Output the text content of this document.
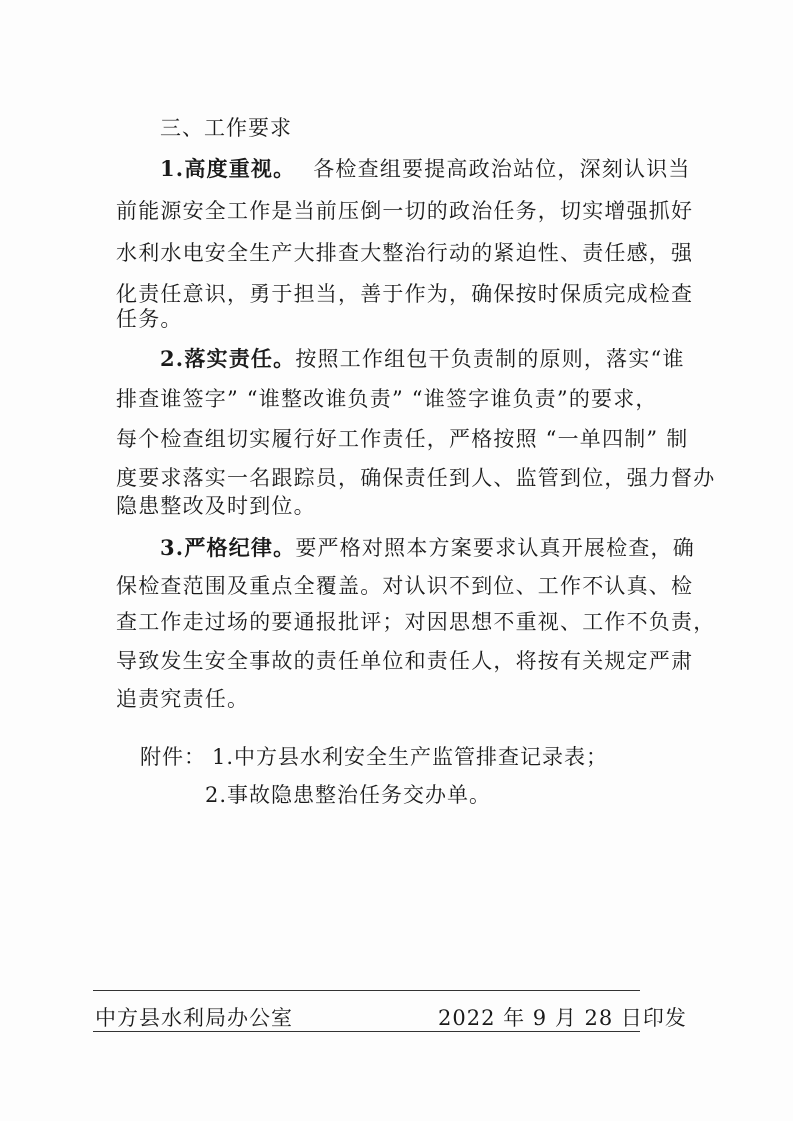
三、工作要求
1.高度重视。 各检查组要提高政治站位，深刻认识当
前能源安全工作是当前压倒一切的政治任务，切实增强抓好
水利水电安全生产大排查大整治行动的紧迫性、责任感，强
化责任意识，勇于担当，善于作为，确保按时保质完成检查
任务。
2.落实责任。按照工作组包干负责制的原则，落实“谁
排查谁签字” “谁整改谁负责” “谁签字谁负责”的要求，
每个检查组切实履行好工作责任，严格按照 “一单四制” 制
度要求落实一名跟踪员，确保责任到人、监管到位，强力督办
隐患整改及时到位。
3.严格纪律。要严格对照本方案要求认真开展检查，确
保检查范围及重点全覆盖。对认识不到位、工作不认真、检
查工作走过场的要通报批评；对因思想不重视、工作不负责，
导致发生安全事故的责任单位和责任人，将按有关规定严肃
追责究责任。
附件： 1.中方县水利安全生产监管排查记录表；
2.事故隐患整治任务交办单。
中方县水利局办公室	2022 年 9 月 28 日印发
